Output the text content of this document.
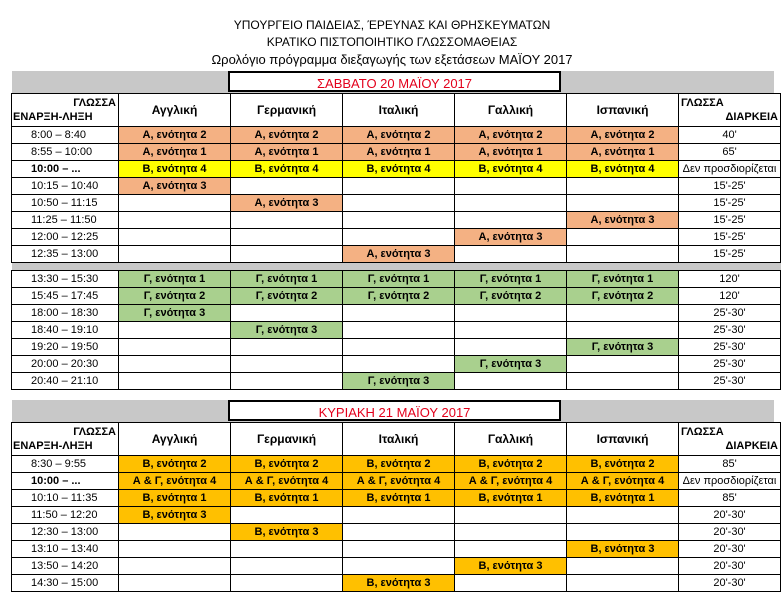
ΥΠΟΥΡΓΕΙΟ ΠΑΙΔΕΙΑΣ, ΈΡΕΥΝΑΣ ΚΑΙ ΘΡΗΣΚΕΥΜΑΤΩΝ
ΚΡΑΤΙΚΟ ΠΙΣΤΟΠΟΙΗΤΙΚΟ ΓΛΩΣΣΟΜΑΘΕΙΑΣ
Ωρολόγιο πρόγραμμα διεξαγωγής των εξετάσεων ΜΑΪΟΥ 2017
ΣΑΒΒΑΤΟ 20 ΜΑΪΟΥ 2017
ΓΛΩΣΣΑ
ΕΝΑΡΞΗ-ΛΗΞΗ	Αγγλική	Γερμανική	Ιταλική	Γαλλική	Ισπανική	ΓΛΩΣΣΑ
ΔΙΑΡΚΕΙΑ

8:00 – 8:40	Α, ενότητα 2	Α, ενότητα 2	Α, ενότητα 2	Α, ενότητα 2	Α, ενότητα 2	40'
8:55 – 10:00	Α, ενότητα 1	Α, ενότητα 1	Α, ενότητα 1	Α, ενότητα 1	Α, ενότητα 1	65'
10:00 – ...	Β, ενότητα 4	Β, ενότητα 4	Β, ενότητα 4	Β, ενότητα 4	Β, ενότητα 4	Δεν προσδιορίζεται
10:15 – 10:40	Α, ενότητα 3					15'-25'
10:50 – 11:15		Α, ενότητα 3				15'-25'
11:25 – 11:50					Α, ενότητα 3	15'-25'
12:00 – 12:25				Α, ενότητα 3		15'-25'
12:35 – 13:00			Α, ενότητα 3			15'-25'

13:30 – 15:30	Γ, ενότητα 1	Γ, ενότητα 1	Γ, ενότητα 1	Γ, ενότητα 1	Γ, ενότητα 1	120'
15:45 – 17:45	Γ, ενότητα 2	Γ, ενότητα 2	Γ, ενότητα 2	Γ, ενότητα 2	Γ, ενότητα 2	120'
18:00 – 18:30	Γ, ενότητα 3					25'-30'
18:40 – 19:10		Γ, ενότητα 3				25'-30'
19:20 – 19:50					Γ, ενότητα 3	25'-30'
20:00 – 20:30				Γ, ενότητα 3		25'-30'
20:40 – 21:10			Γ, ενότητα 3			25'-30'
ΚΥΡΙΑΚΗ 21 ΜΑΪΟΥ 2017
ΓΛΩΣΣΑ
ΕΝΑΡΞΗ-ΛΗΞΗ	Αγγλική	Γερμανική	Ιταλική	Γαλλική	Ισπανική	ΓΛΩΣΣΑ
ΔΙΑΡΚΕΙΑ

8:30 – 9:55	Β, ενότητα 2	Β, ενότητα 2	Β, ενότητα 2	Β, ενότητα 2	Β, ενότητα 2	85'
10:00 – ...	Α & Γ, ενότητα 4	Α & Γ, ενότητα 4	Α & Γ, ενότητα 4	Α & Γ, ενότητα 4	Α & Γ, ενότητα 4	Δεν προσδιορίζεται
10:10 – 11:35	Β, ενότητα 1	Β, ενότητα 1	Β, ενότητα 1	Β, ενότητα 1	Β, ενότητα 1	85'
11:50 – 12:20	Β, ενότητα 3					20'-30'
12:30 – 13:00		Β, ενότητα 3				20'-30'
13:10 – 13:40					Β, ενότητα 3	20'-30'
13:50 – 14:20				Β, ενότητα 3		20'-30'
14:30 – 15:00			Β, ενότητα 3			20'-30'
